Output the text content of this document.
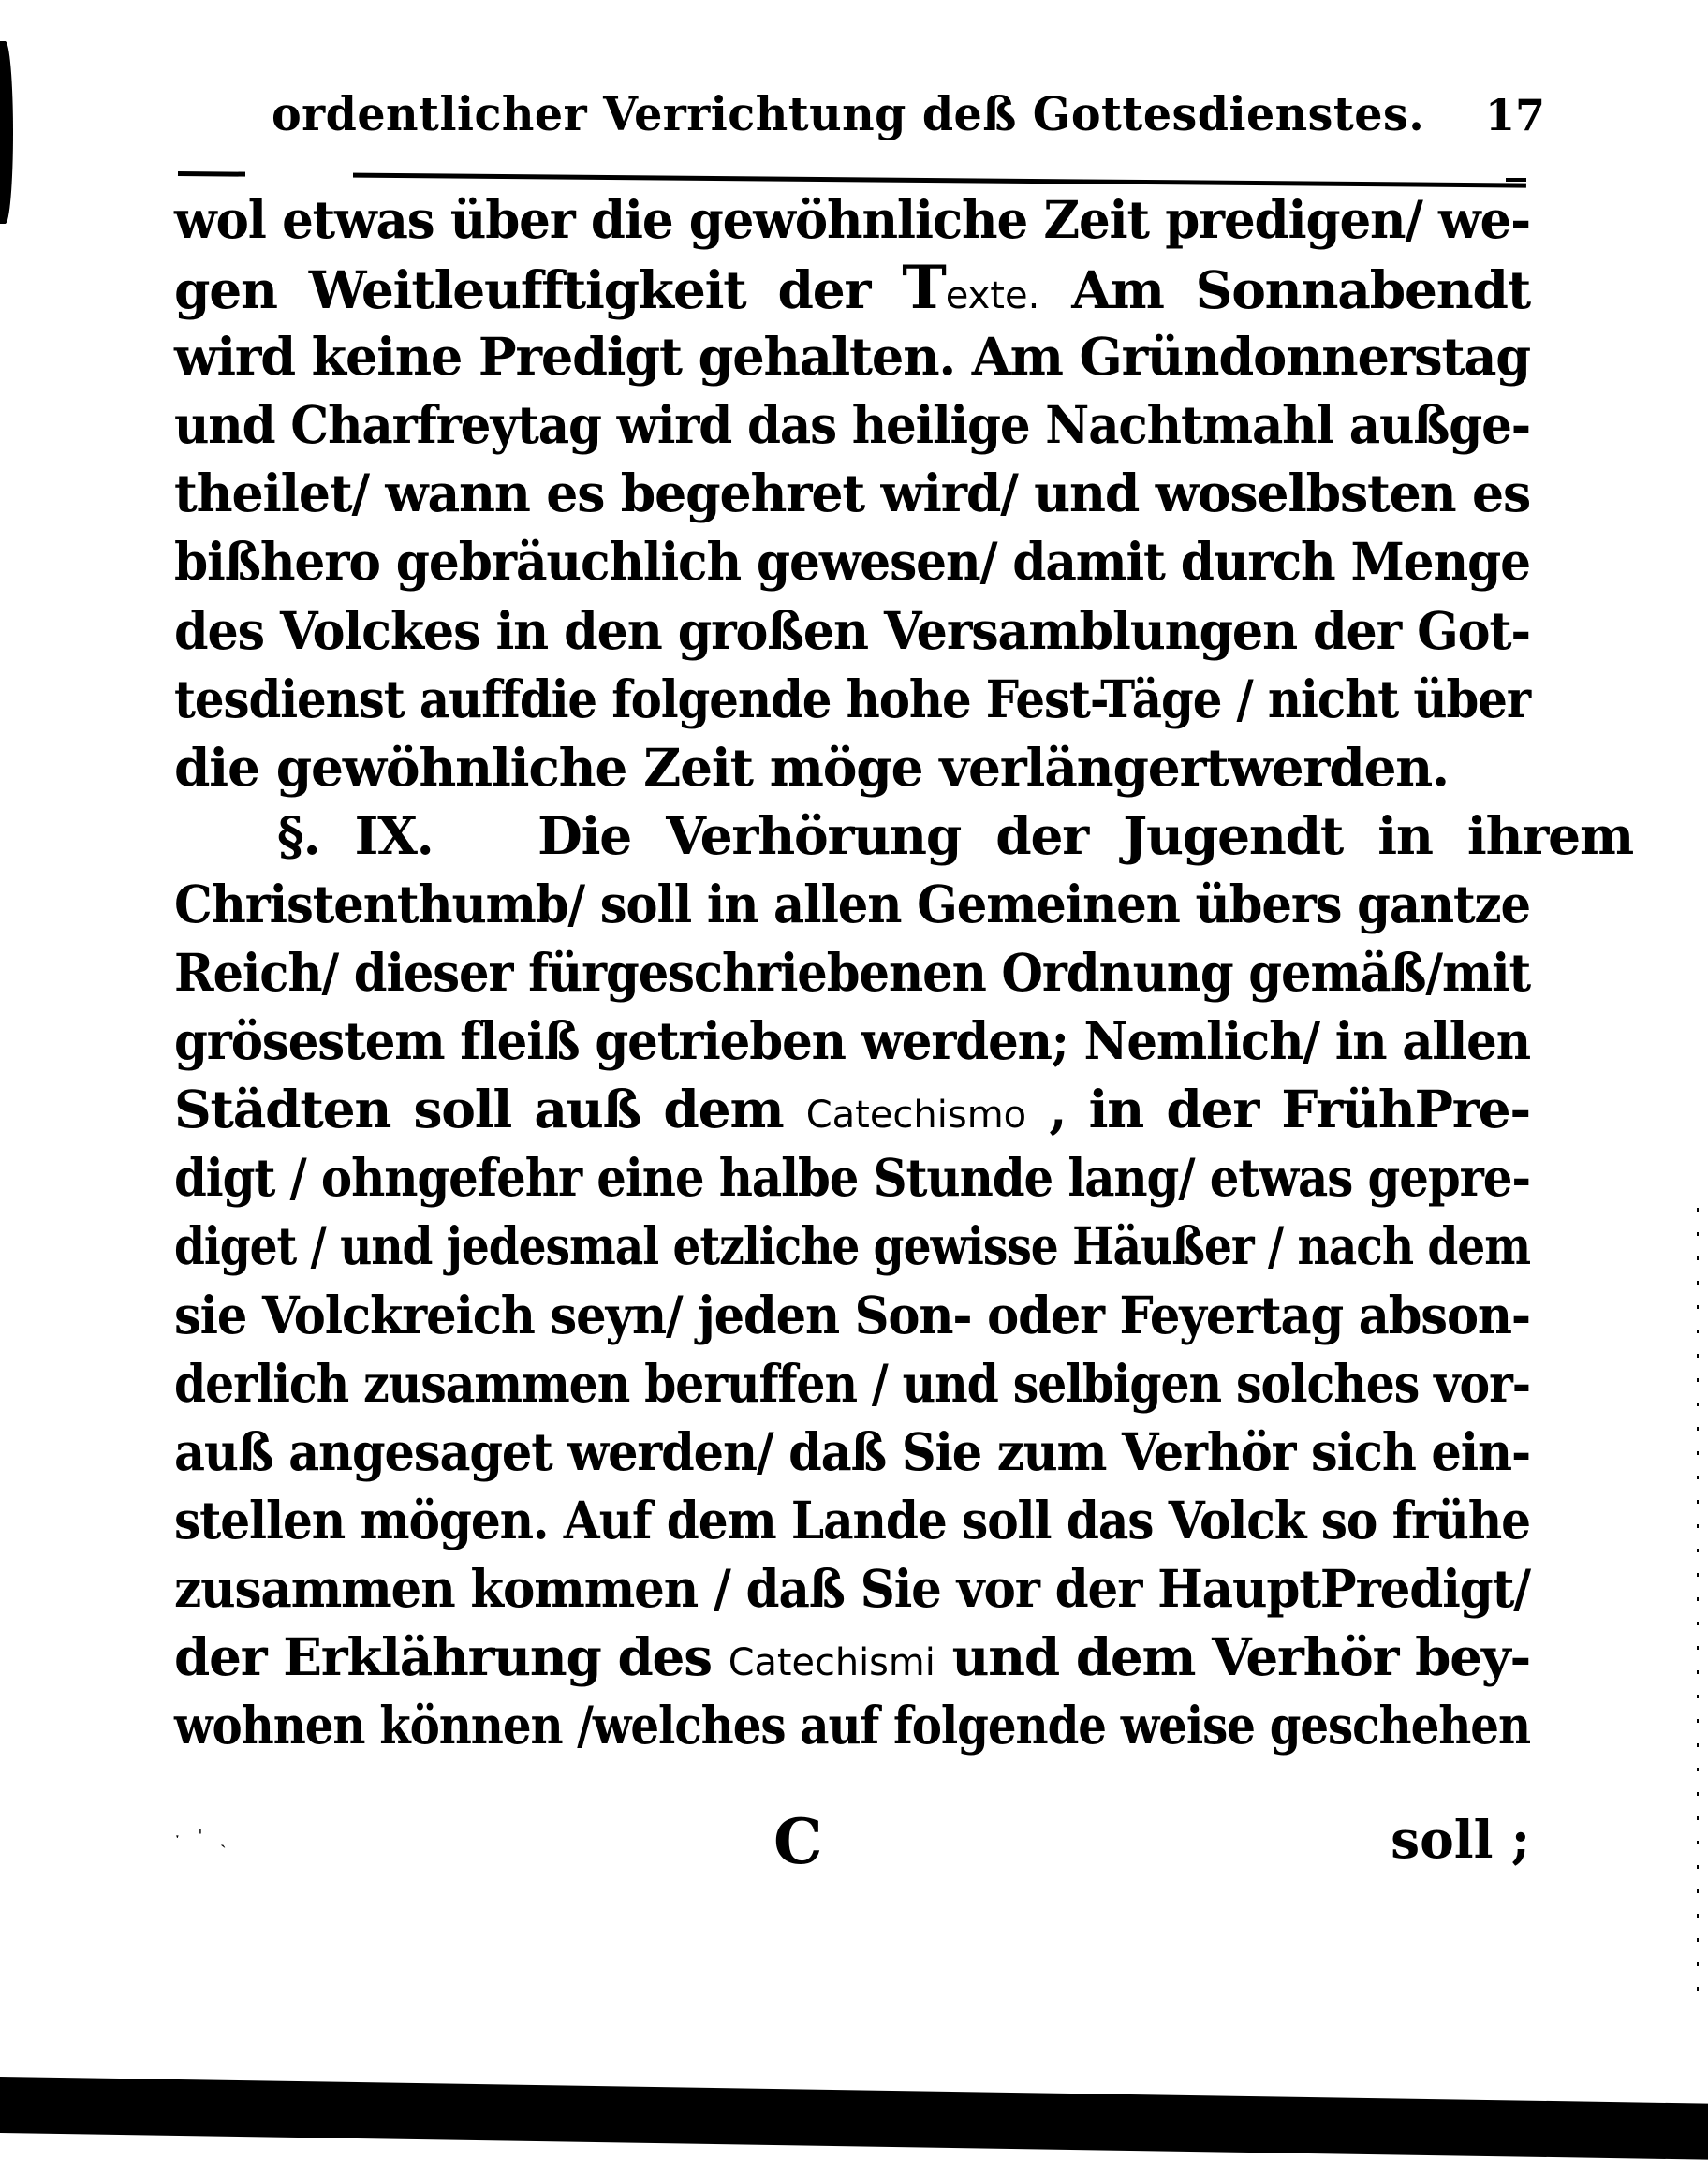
ordentlicher Verrichtung deß Gottesdienstes. 17
wol etwas über die gewöhnliche Zeit predigen/ we-
gen Weitleufftigkeit der Texte. Am Sonnabendt
wird keine Predigt gehalten. Am Gründonnerstag
und Charfreytag wird das heilige Nachtmahl außge-
theilet/ wann es begehret wird/ und woselbsten es
bißhero gebräuchlich gewesen/ damit durch Menge
des Volckes in den großen Versamblungen der Got-
tesdienst auffdie folgende hohe Fest-Täge / nicht über
die gewöhnliche Zeit möge verlängertwerden.
§. IX. Die Verhörung der Jugendt in ihrem
Christenthumb/ soll in allen Gemeinen übers gantze
Reich/ dieser fürgeschriebenen Ordnung gemäß/mit
grösestem fleiß getrieben werden; Nemlich/ in allen
Städten soll auß dem Catechismo , in der FrühPre-
digt / ohngefehr eine halbe Stunde lang/ etwas gepre-
diget / und jedesmal etzliche gewisse Häußer / nach dem
sie Volckreich seyn/ jeden Son- oder Feyertag abson-
derlich zusammen beruffen / und selbigen solches vor-
auß angesaget werden/ daß Sie zum Verhör sich ein-
stellen mögen. Auf dem Lande soll das Volck so frühe
zusammen kommen / daß Sie vor der HauptPredigt/
der Erklährung des Catechismi und dem Verhör bey-
wohnen können /welches auf folgende weise geschehen
ˑ ˈ ˏ	C	soll ;
